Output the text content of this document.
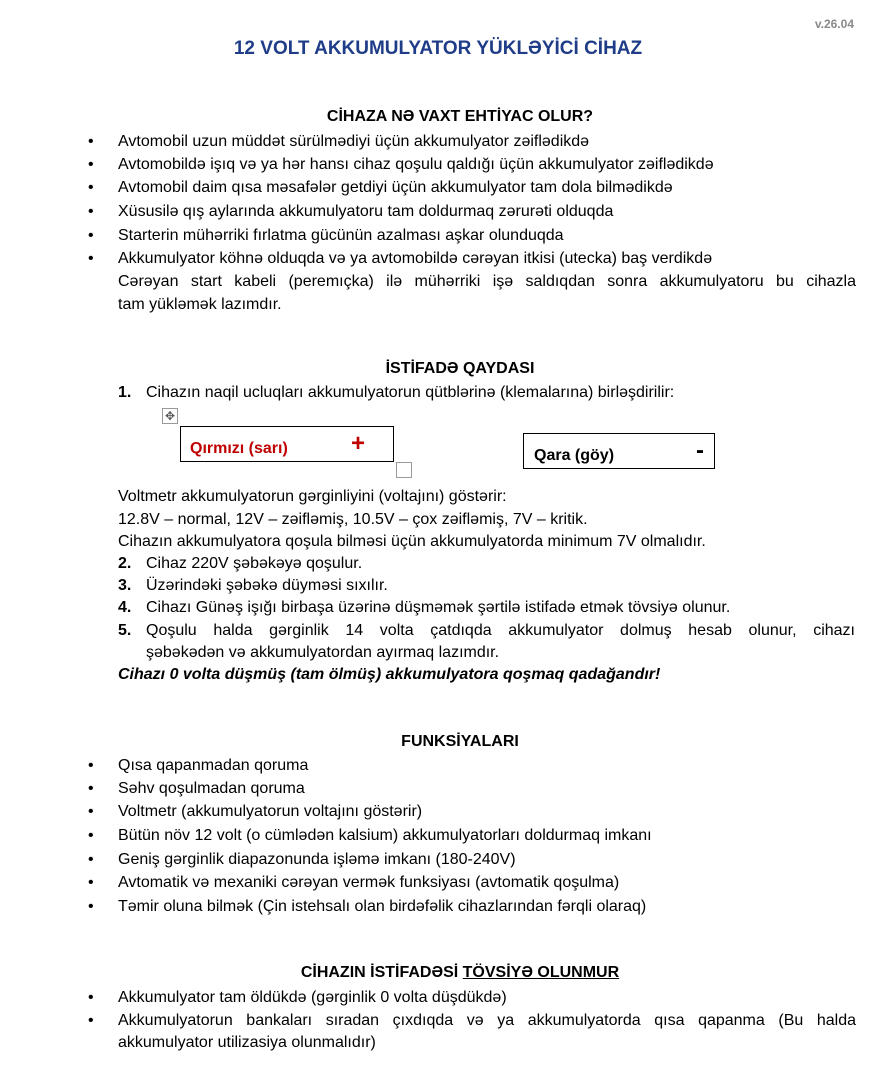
v.26.04
12 VOLT AKKUMULYATOR YÜKLƏYİCİ CİHAZ
CİHAZA NƏ VAXT EHTİYAC OLUR?
• Avtomobil uzun müddət sürülmədiyi üçün akkumulyator zəiflədikdə
• Avtomobildə işıq və ya hər hansı cihaz qoşulu qaldığı üçün akkumulyator zəiflədikdə
• Avtomobil daim qısa məsafələr getdiyi üçün akkumulyator tam dola bilmədikdə
• Xüsusilə qış aylarında akkumulyatoru tam doldurmaq zərurəti olduqda
• Starterin mühərriki fırlatma gücünün azalması aşkar olunduqda
• Akkumulyator köhnə olduqda və ya avtomobildə cərəyan itkisi (utecka) baş verdikdə
Cərəyan start kabeli (peremıçka) ilə mühərriki işə saldıqdan sonra akkumulyatoru bu cihazla
tam yükləmək lazımdır.
İSTİFADƏ QAYDASI
1. Cihazın naqil ucluqları akkumulyatorun qütblərinə (klemalarına) birləşdirilir:
✥
Qırmızı (sarı)	+	Qara (göy)	-
Voltmetr akkumulyatorun gərginliyini (voltajını) göstərir:
12.8V – normal, 12V – zəifləmiş, 10.5V – çox zəifləmiş, 7V – kritik.
Cihazın akkumulyatora qoşula bilməsi üçün akkumulyatorda minimum 7V olmalıdır.
2. Cihaz 220V şəbəkəyə qoşulur.
3. Üzərindəki şəbəkə düyməsi sıxılır.
4. Cihazı Günəş işığı birbaşa üzərinə düşməmək şərtilə istifadə etmək tövsiyə olunur.
5. Qoşulu halda gərginlik 14 volta çatdıqda akkumulyator dolmuş hesab olunur, cihazı
şəbəkədən və akkumulyatordan ayırmaq lazımdır.
Cihazı 0 volta düşmüş (tam ölmüş) akkumulyatora qoşmaq qadağandır!
FUNKSİYALARI
• Qısa qapanmadan qoruma
• Səhv qoşulmadan qoruma
• Voltmetr (akkumulyatorun voltajını göstərir)
• Bütün növ 12 volt (o cümlədən kalsium) akkumulyatorları doldurmaq imkanı
• Geniş gərginlik diapazonunda işləmə imkanı (180-240V)
• Avtomatik və mexaniki cərəyan vermək funksiyası (avtomatik qoşulma)
• Təmir oluna bilmək (Çin istehsalı olan birdəfəlik cihazlarından fərqli olaraq)
CİHAZIN İSTİFADƏSİ TÖVSİYƏ OLUNMUR
• Akkumulyator tam öldükdə (gərginlik 0 volta düşdükdə)
• Akkumulyatorun bankaları sıradan çıxdıqda və ya akkumulyatorda qısa qapanma (Bu halda
akkumulyator utilizasiya olunmalıdır)
